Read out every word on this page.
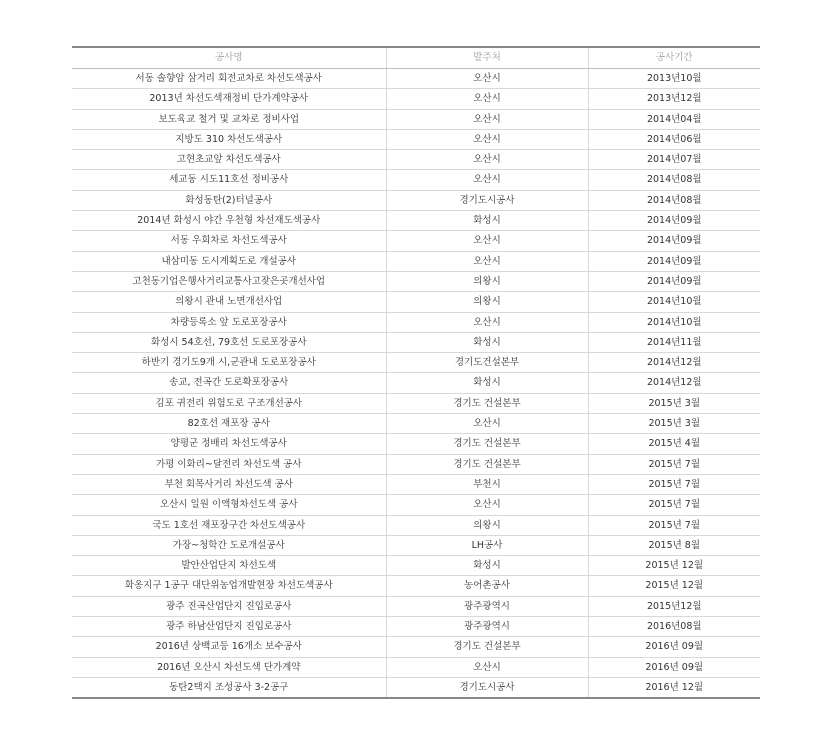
공사명	발주처	공사기간
서동 솔향암 삼거리 회전교차로 차선도색공사	오산시	2013년10월
2013년 차선도색재정비 단가계약공사	오산시	2013년12월
보도육교 철거 및 교차로 정비사업	오산시	2014년04월
지방도 310 차선도색공사	오산시	2014년06월
고현초교앞 차선도색공사	오산시	2014년07월
세교동 시도11호선 정비공사	오산시	2014년08월
화성동탄(2)터널공사	경기도시공사	2014년08월
2014년 화성시 야간 우천형 차선재도색공사	화성시	2014년09월
서동 우회차로 차선도색공사	오산시	2014년09월
내삼미동 도시계획도로 개설공사	오산시	2014년09월
고천동기업은행사거리교통사고잦은곳개선사업	의왕시	2014년09월
의왕시 관내 노면개선사업	의왕시	2014년10월
차량등록소 앞 도로포장공사	오산시	2014년10월
화성시 54호선, 79호선 도로포장공사	화성시	2014년11월
하반기 경기도9개 시,군관내 도로포장공사	경기도건설본부	2014년12월
송교, 전곡간 도로확포장공사	화성시	2014년12월
김포 귀전리 위험도로 구조개선공사	경기도 건설본부	2015년 3월
82호선 재포장 공사	오산시	2015년 3월
양평군 정배리 차선도색공사	경기도 건설본부	2015년 4월
가평 이화리~달전리 차선도색 공사	경기도 건설본부	2015년 7월
부천 회목사거리 차선도색 공사	부천시	2015년 7월
오산시 일원 이액형차선도색 공사	오산시	2015년 7월
국도 1호선 재포장구간 차선도색공사	의왕시	2015년 7월
가장~청학간 도로개설공사	LH공사	2015년 8월
발안산업단지 차선도색	화성시	2015년 12월
화옹지구 1공구 대단위농업개발현장 차선도색공사	농어촌공사	2015년 12월
광주 진곡산업단지 진입로공사	광주광역시	2015년12월
광주 하남산업단지 진입로공사	광주광역시	2016년08월
2016년 상백교등 16개소 보수공사	경기도 건설본부	2016년 09월
2016년 오산시 차선도색 단가계약	오산시	2016년 09월
동탄2택지 조성공사 3-2공구	경기도시공사	2016년 12월
